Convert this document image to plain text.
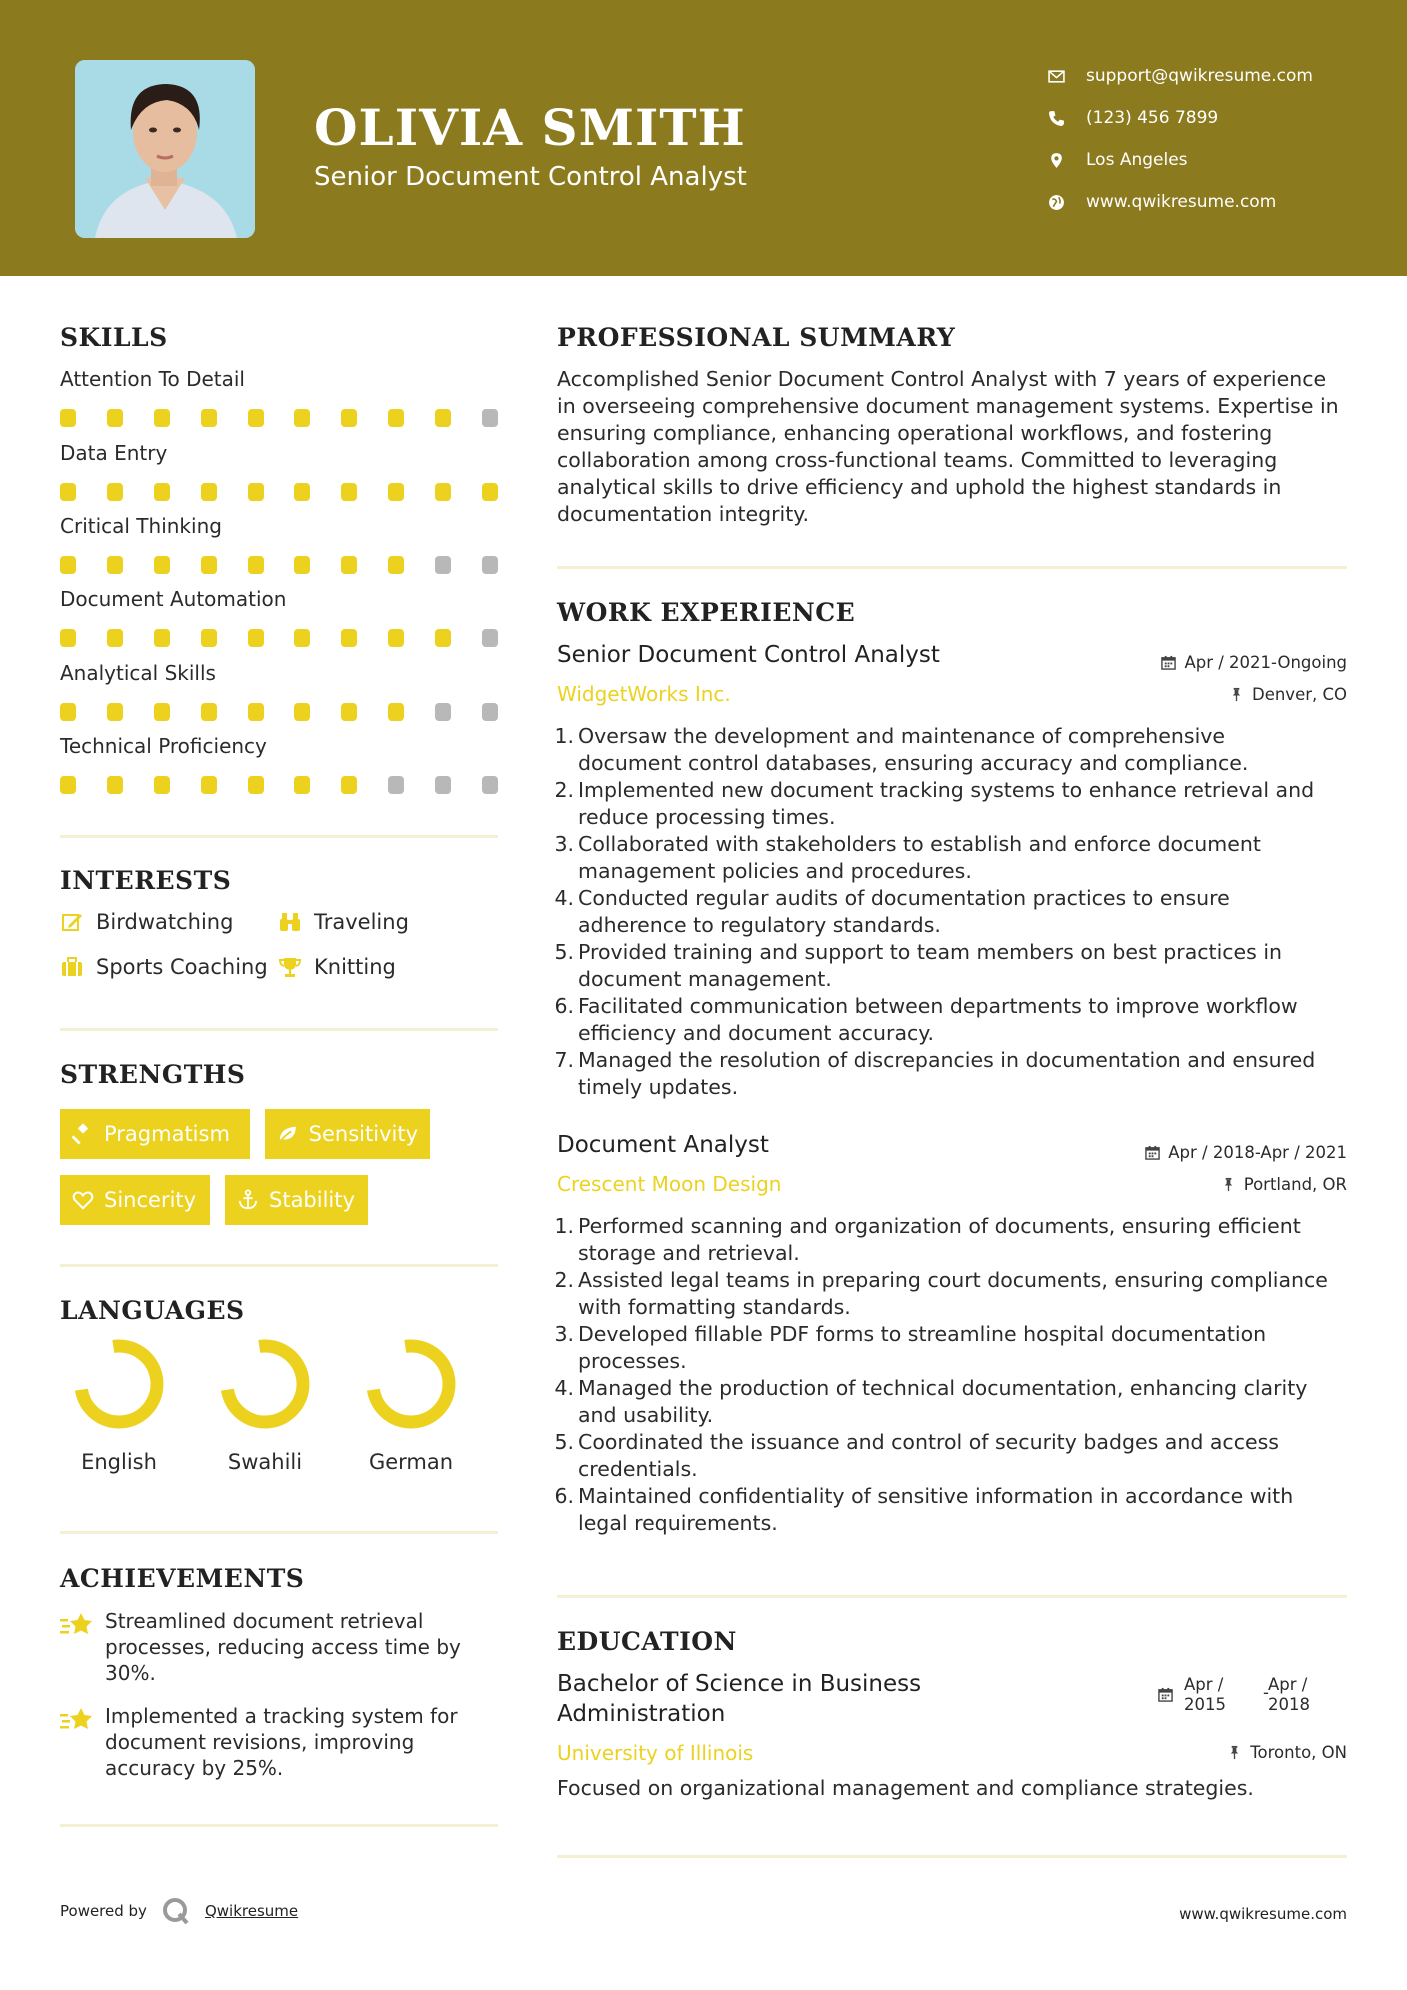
OLIVIA SMITH
Senior Document Control Analyst
support@qwikresume.com
(123) 456 7899
Los Angeles
www.qwikresume.com
SKILLS
Attention To Detail
Data Entry
Critical Thinking
Document Automation
Analytical Skills
Technical Proficiency
INTERESTS
Birdwatching	Traveling
Sports Coaching Knitting
STRENGTHS
Pragmatism	Sensitivity
Sincerity	Stability
LANGUAGES
English	Swahili	German
ACHIEVEMENTS
Streamlined document retrieval processes, reducing access time by 30%.
Implemented a tracking system for document revisions, improving accuracy by 25%.
PROFESSIONAL SUMMARY
Accomplished Senior Document Control Analyst with 7 years of experience in overseeing comprehensive document management systems. Expertise in ensuring compliance, enhancing operational workflows, and fostering collaboration among cross-functional teams. Committed to leveraging analytical skills to drive efficiency and uphold the highest standards in documentation integrity.
WORK EXPERIENCE
Senior Document Control Analyst	Apr / 2021-Ongoing
WidgetWorks Inc.	Denver, CO
1. Oversaw the development and maintenance of comprehensive
document control databases, ensuring accuracy and compliance.
2. Implemented new document tracking systems to enhance retrieval and
reduce processing times.
3. Collaborated with stakeholders to establish and enforce document
management policies and procedures.
4. Conducted regular audits of documentation practices to ensure
adherence to regulatory standards.
5. Provided training and support to team members on best practices in
document management.
6. Facilitated communication between departments to improve workflow
efficiency and document accuracy.
7. Managed the resolution of discrepancies in documentation and ensured
timely updates.
Document Analyst	Apr / 2018-Apr / 2021
Crescent Moon Design	Portland, OR
1. Performed scanning and organization of documents, ensuring efficient
storage and retrieval.
2. Assisted legal teams in preparing court documents, ensuring compliance
with formatting standards.
3. Developed fillable PDF forms to streamline hospital documentation
processes.
4. Managed the production of technical documentation, enhancing clarity
and usability.
5. Coordinated the issuance and control of security badges and access
credentials.
6. Maintained confidentiality of sensitive information in accordance with
legal requirements.
EDUCATION
Bachelor of Science in Business
Administration
Apr /
2015
- Apr /
2018
University of Illinois	Toronto, ON
Focused on organizational management and compliance strategies.
Powered by	Qwikresume	www.qwikresume.com
